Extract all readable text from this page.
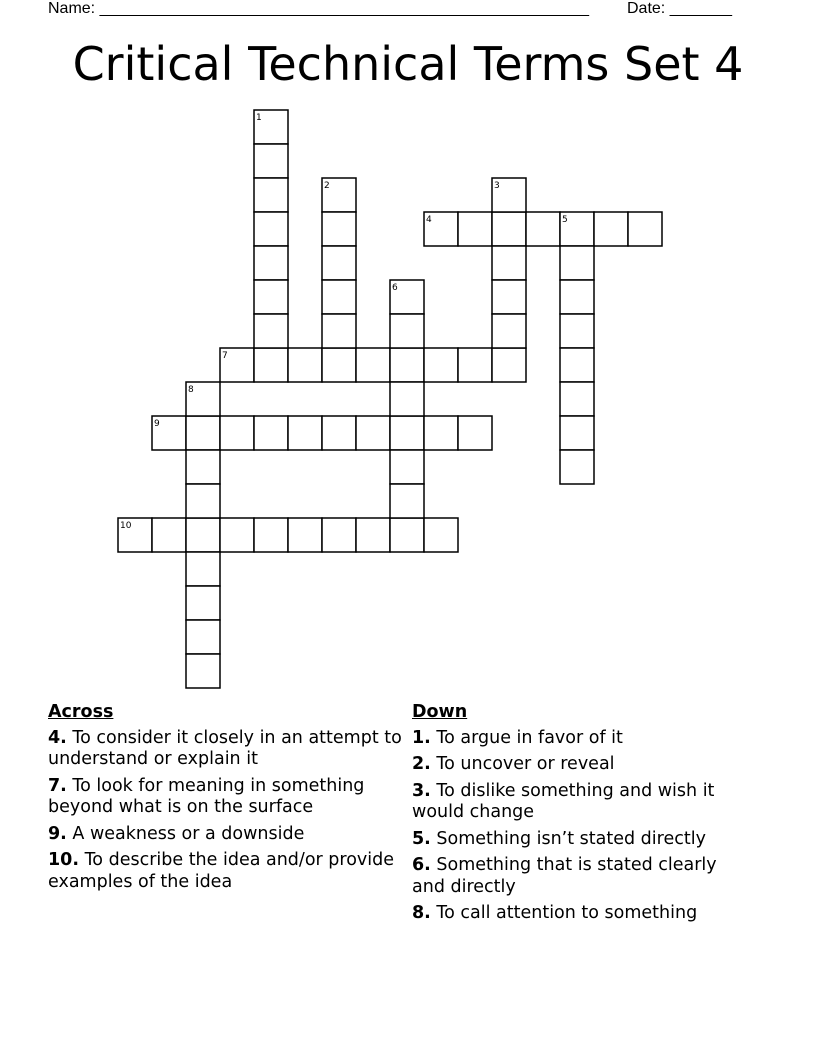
Name: _______________________________________________________ Date: _______
Critical Technical Terms Set 4
4	5
7
9
10
1
2	3
6
8
Across
4. To consider it closely in an attempt to understand or explain it
7. To look for meaning in something beyond what is on the surface
9. A weakness or a downside
10. To describe the idea and/or provide examples of the idea
Down
1. To argue in favor of it
2. To uncover or reveal
3. To dislike something and wish it would change
5. Something isn’t stated directly
6. Something that is stated clearly and directly
8. To call attention to something
